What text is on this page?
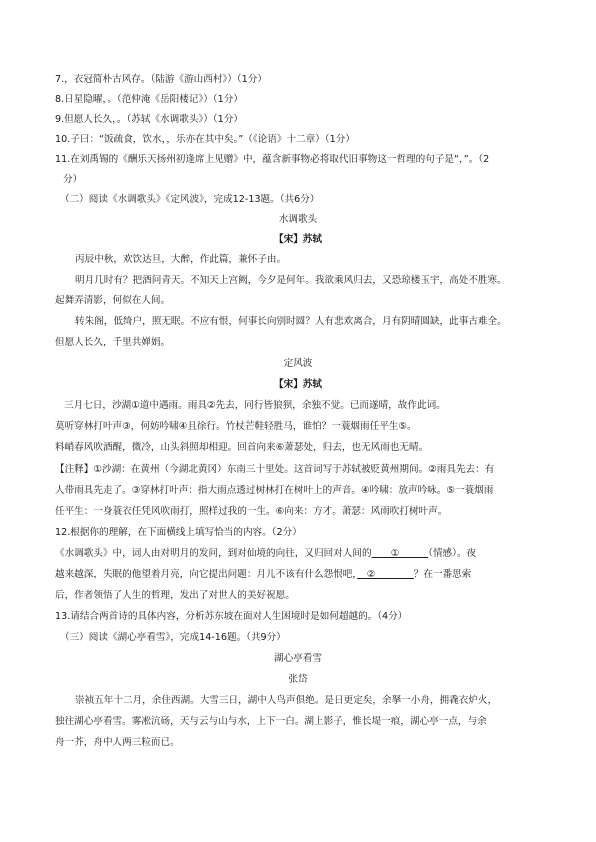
7.，衣冠简朴古风存。（陆游《游山西村》）（1分）
8.日星隐曜，。（范仲淹《岳阳楼记》）（1分）
9.但愿人长久，。（苏轼《水调歌头》）（1分）
10.子曰：“饭疏食，饮水，，乐亦在其中矣。”（《论语》十二章）（1分）
11.在刘禹锡的《酬乐天扬州初逢席上见赠》中，蕴含新事物必将取代旧事物这一哲理的句子是“，”。（2
分）
（二）阅读《水调歌头》《定风波》，完成12-13题。（共6分）
水调歌头
【宋】苏轼
丙辰中秋，欢饮达旦，大醉，作此篇，兼怀子由。
明月几时有？把酒问青天。不知天上宫阙，今夕是何年。我欲乘风归去，又恐琼楼玉宇，高处不胜寒。
起舞弄清影，何似在人间。
转朱阁，低绮户，照无眠。不应有恨，何事长向别时圆？人有悲欢离合，月有阴晴圆缺，此事古难全。
但愿人长久，千里共婵娟。
定风波
【宋】苏轼
三月七日，沙湖①道中遇雨。雨具②先去，同行皆狼狈，余独不觉。已而遂晴，故作此词。
莫听穿林打叶声③，何妨吟啸④且徐行。竹杖芒鞋轻胜马，谁怕？一蓑烟雨任平生⑤。
料峭春风吹酒醒，微冷，山头斜照却相迎。回首向来⑥萧瑟处，归去，也无风雨也无晴。
【注释】①沙湖：在黄州（今湖北黄冈）东南三十里处。这首词写于苏轼被贬黄州期间。②雨具先去：有
人带雨具先走了。③穿林打叶声：指大雨点透过树林打在树叶上的声音。④吟啸：放声吟咏。⑤一蓑烟雨
任平生：一身蓑衣任凭风吹雨打，照样过我的一生。⑥向来：方才。萧瑟：风雨吹打树叶声。
12.根据你的理解，在下面横线上填写恰当的内容。（2分）
《水调歌头》中，词人由对明月的发问，到对仙境的向往，又归回对人间的　　①　　　（情感）。夜
越来越深，失眠的他望着月亮，向它提出问题：月儿不该有什么怨恨吧，　②　　　　？在一番思索
后，作者领悟了人生的哲理，发出了对世人的美好祝愿。
13.请结合两首诗的具体内容，分析苏东坡在面对人生困境时是如何超越的。（4分）
（三）阅读《湖心亭看雪》，完成14-16题。（共9分）
湖心亭看雪
张岱
崇祯五年十二月，余住西湖。大雪三日，湖中人鸟声俱绝。是日更定矣，余拏一小舟，拥毳衣炉火，
独往湖心亭看雪。雾凇沆砀，天与云与山与水，上下一白。湖上影子，惟长堤一痕，湖心亭一点，与余
舟一芥，舟中人两三粒而已。
